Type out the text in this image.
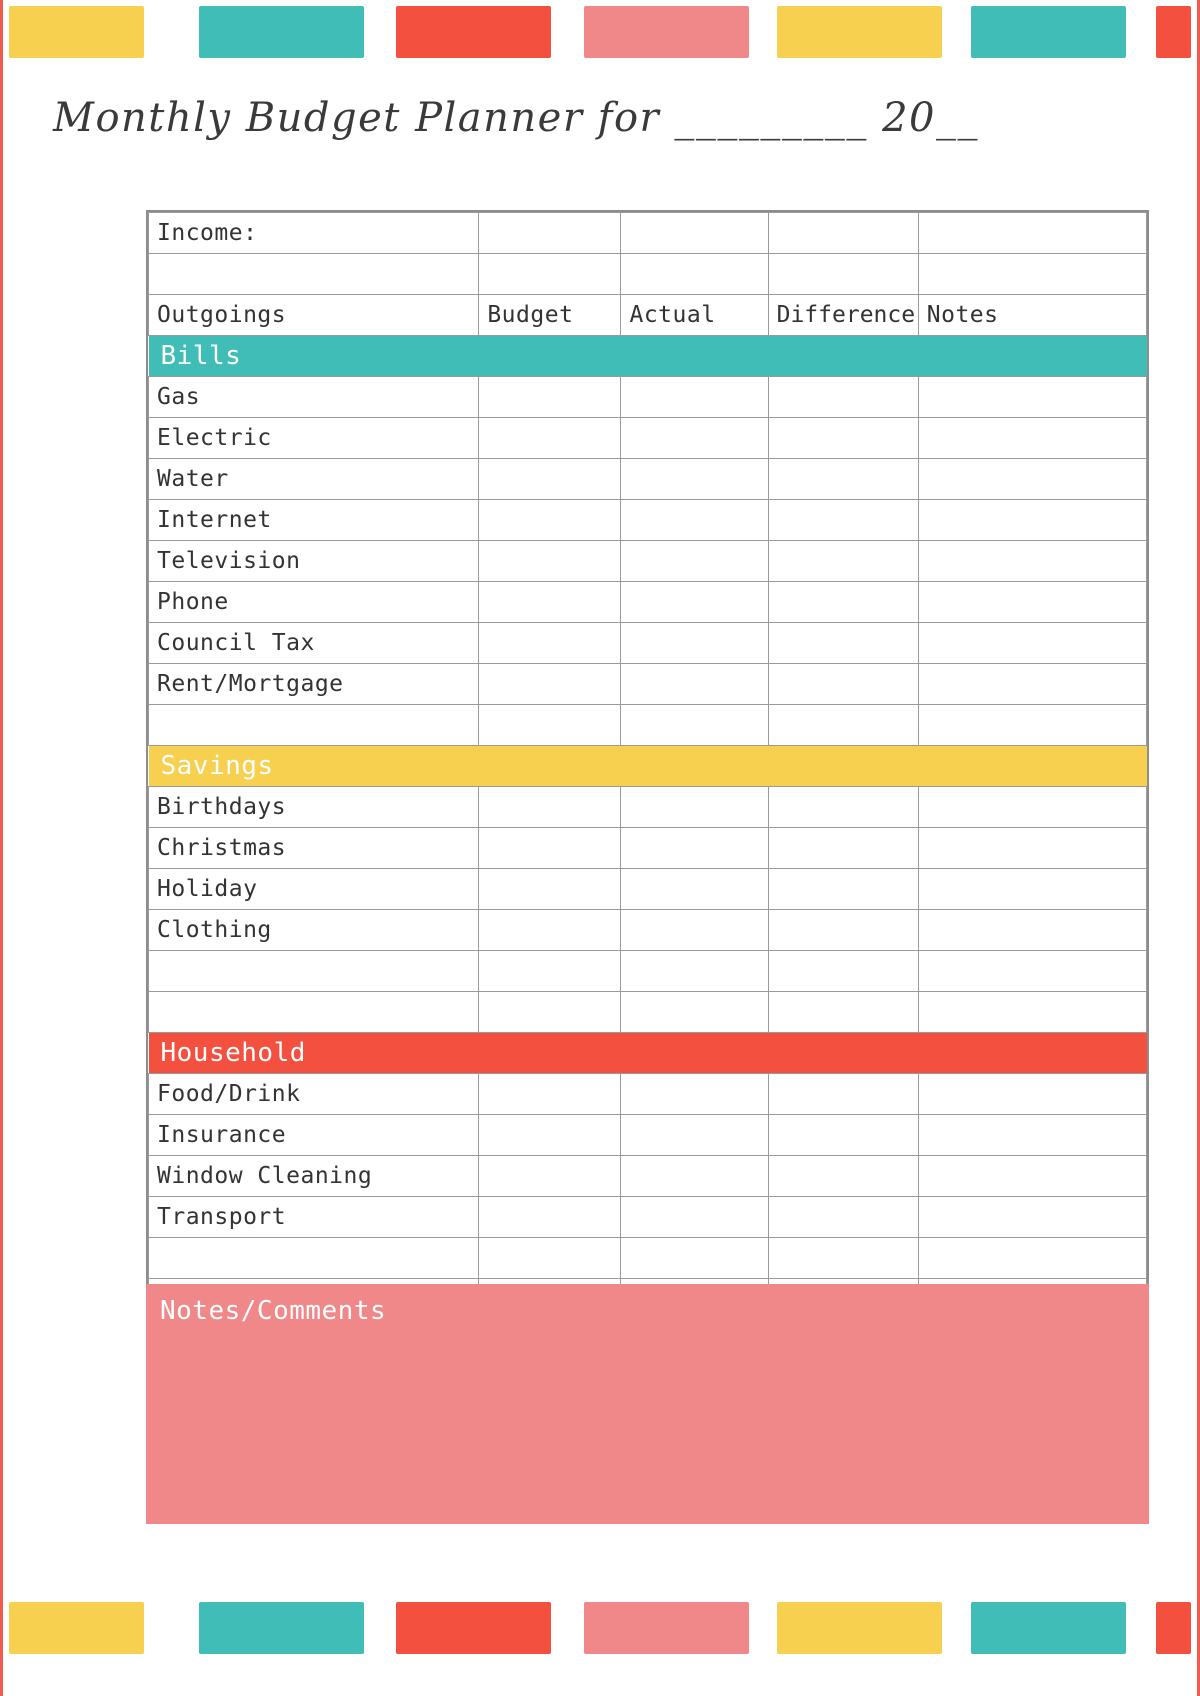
Monthly Budget Planner for _________ 20__
Income:				

Outgoings	Budget	Actual	Difference	Notes

Bills				

Gas				
Electric				
Water				
Internet				
Television				
Phone				
Council Tax				
Rent/Mortgage				

Savings				

Birthdays				
Christmas				
Holiday				
Clothing				

Household				

Food/Drink				
Insurance				
Window Cleaning				
Transport				

Notes/Comments
